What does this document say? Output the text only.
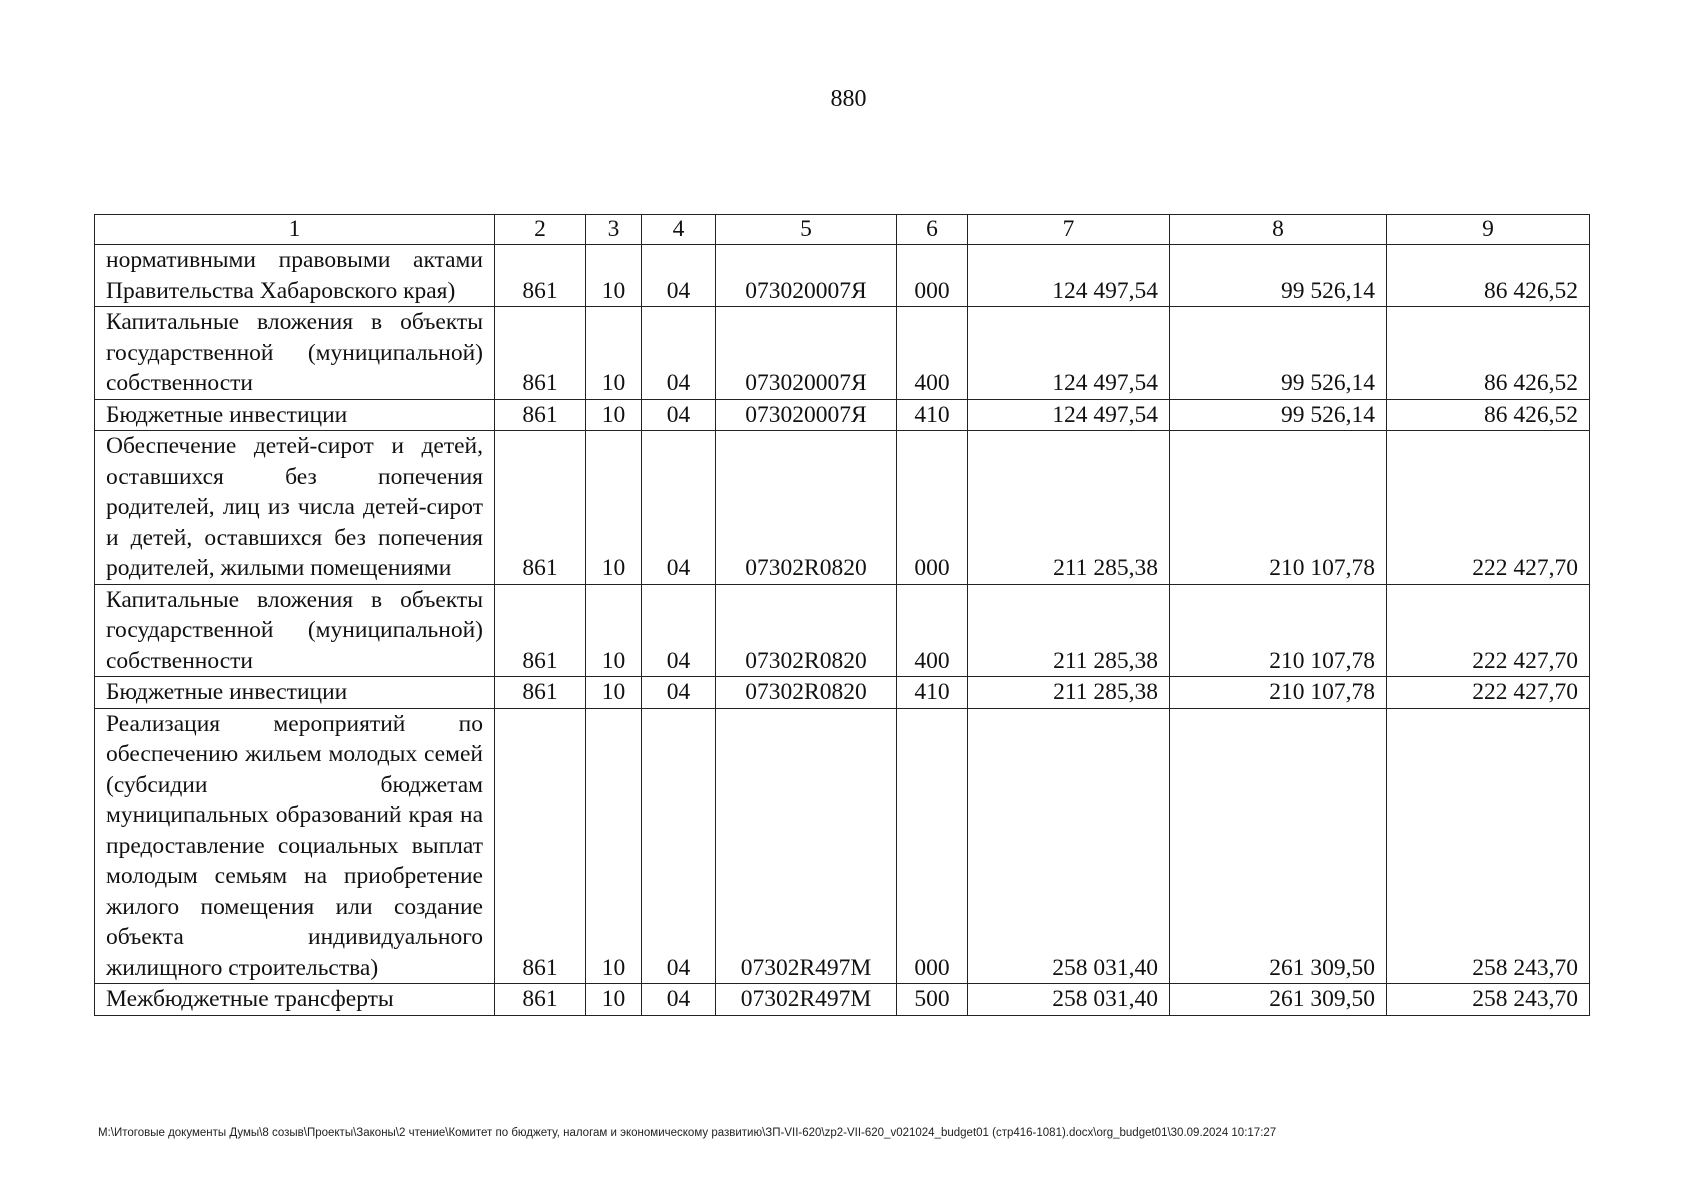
880
1	2	3	4	5	6	7	8	9
нормативными правовыми актами Правительства Хабаровского края)	861	10	04	073020007Я	000	124 497,54	99 526,14	86 426,52
Капитальные вложения в объекты государственной (муниципальной) собственности	861	10	04	073020007Я	400	124 497,54	99 526,14	86 426,52
Бюджетные инвестиции	861	10	04	073020007Я	410	124 497,54	99 526,14	86 426,52
Обеспечение детей-сирот и детей, оставшихся без попечения родителей, лиц из числа детей-сирот и детей, оставшихся без попечения родителей, жилыми помещениями	861	10	04	07302R0820	000	211 285,38	210 107,78	222 427,70
Капитальные вложения в объекты государственной (муниципальной) собственности	861	10	04	07302R0820	400	211 285,38	210 107,78	222 427,70
Бюджетные инвестиции	861	10	04	07302R0820	410	211 285,38	210 107,78	222 427,70
Реализация мероприятий по обеспечению жильем молодых семей (субсидии бюджетам муниципальных образований края на предоставление социальных выплат молодым семьям на приобретение жилого помещения или создание объекта индивидуального жилищного строительства)	861	10	04	07302R497M	000	258 031,40	261 309,50	258 243,70
Межбюджетные трансферты	861	10	04	07302R497M	500	258 031,40	261 309,50	258 243,70
M:\Итоговые документы Думы\8 созыв\Проекты\Законы\2 чтение\Комитет по бюджету, налогам и экономическому развитию\ЗП-VII-620\zp2-VII-620_v021024_budget01 (стр416-1081).docx\org_budget01\30.09.2024 10:17:27
